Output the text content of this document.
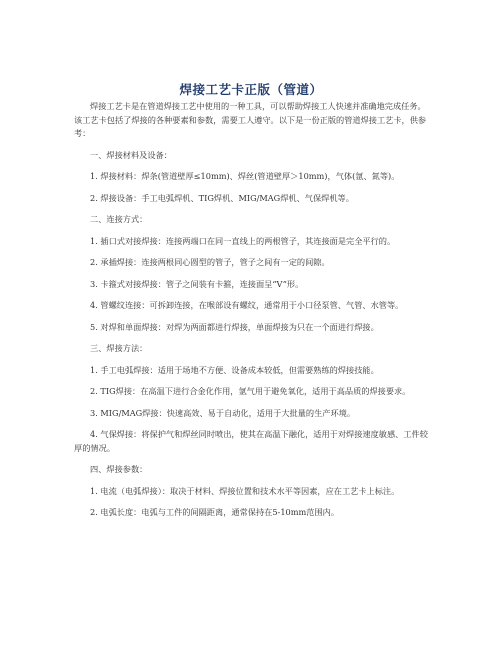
焊接工艺卡正版（管道）

焊接工艺卡是在管道焊接工艺中使用的一种工具，可以帮助焊接工人快速并准确地完成任务。该工艺卡包括了焊接的各种要素和参数，需要工人遵守。以下是一份正版的管道焊接工艺卡，供参考：

一、焊接材料及设备：

1. 焊接材料：焊条(管道壁厚≤10mm)、焊丝(管道壁厚＞10mm)，气体(氩、氮等)。

2. 焊接设备：手工电弧焊机、TIG焊机、MIG/MAG焊机、气保焊机等。

二、连接方式：

1. 插口式对接焊接：连接两端口在同一直线上的两根管子，其连接面是完全平行的。

2. 承插焊接：连接两根同心圆型的管子，管子之间有一定的间隙。

3. 卡箍式对接焊接：管子之间装有卡箍，连接面呈“V”形。

4. 管螺纹连接：可拆卸连接，在喉部设有螺纹，通常用于小口径泵管、气管、水管等。

5. 对焊和单面焊接：对焊为两面都进行焊接，单面焊接为只在一个面进行焊接。

三、焊接方法：

1. 手工电弧焊接：适用于场地不方便、设备成本较低，但需要熟练的焊接技能。

2. TIG焊接：在高温下进行合金化作用，氩气用于避免氧化，适用于高品质的焊接要求。

3. MIG/MAG焊接：快速高效、易于自动化，适用于大批量的生产环境。

4. 气保焊接：将保护气和焊丝同时喷出，使其在高温下融化，适用于对焊接速度敏感、工件较厚的情况。

四、焊接参数：

1. 电流（电弧焊接）：取决于材料、焊接位置和技术水平等因素，应在工艺卡上标注。

2. 电弧长度：电弧与工件的间隔距离，通常保持在5-10mm范围内。
